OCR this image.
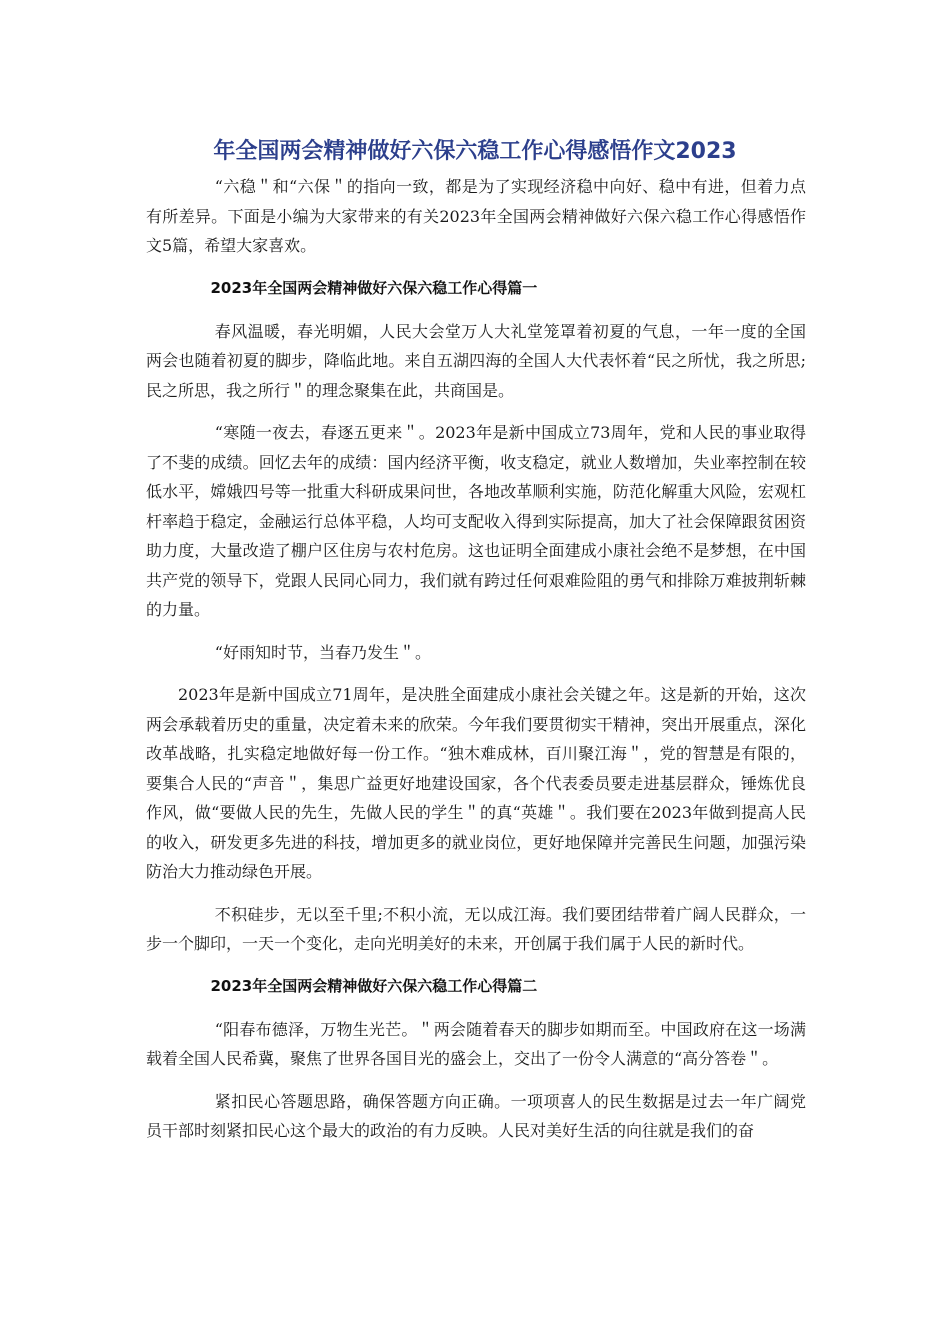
年全国两会精神做好六保六稳工作心得感悟作文2023

“六稳＂和“六保＂的指向一致，都是为了实现经济稳中向好、稳中有进，但着力点有所差异。下面是小编为大家带来的有关2023年全国两会精神做好六保六稳工作心得感悟作文5篇，希望大家喜欢。

2023年全国两会精神做好六保六稳工作心得篇一

春风温暖，春光明媚，人民大会堂万人大礼堂笼罩着初夏的气息，一年一度的全国两会也随着初夏的脚步，降临此地。来自五湖四海的全国人大代表怀着“民之所忧，我之所思;民之所思，我之所行＂的理念聚集在此，共商国是。

“寒随一夜去，春逐五更来＂。2023年是新中国成立73周年，党和人民的事业取得了不斐的成绩。回忆去年的成绩：国内经济平衡，收支稳定，就业人数增加，失业率控制在较低水平，嫦娥四号等一批重大科研成果问世，各地改革顺利实施，防范化解重大风险，宏观杠杆率趋于稳定，金融运行总体平稳，人均可支配收入得到实际提高，加大了社会保障跟贫困资助力度，大量改造了棚户区住房与农村危房。这也证明全面建成小康社会绝不是梦想，在中国共产党的领导下，党跟人民同心同力，我们就有跨过任何艰难险阻的勇气和排除万难披荆斩棘的力量。

“好雨知时节，当春乃发生＂。

2023年是新中国成立71周年，是决胜全面建成小康社会关键之年。这是新的开始，这次两会承载着历史的重量，决定着未来的欣荣。今年我们要贯彻实干精神，突出开展重点，深化改革战略，扎实稳定地做好每一份工作。“独木难成林，百川聚江海＂，党的智慧是有限的，要集合人民的“声音＂，集思广益更好地建设国家，各个代表委员要走进基层群众，锤炼优良作风，做“要做人民的先生，先做人民的学生＂的真“英雄＂。我们要在2023年做到提高人民的收入，研发更多先进的科技，增加更多的就业岗位，更好地保障并完善民生问题，加强污染防治大力推动绿色开展。

不积硅步，无以至千里;不积小流，无以成江海。我们要团结带着广阔人民群众，一步一个脚印，一天一个变化，走向光明美好的未来，开创属于我们属于人民的新时代。

2023年全国两会精神做好六保六稳工作心得篇二

“阳春布德泽，万物生光芒。＂两会随着春天的脚步如期而至。中国政府在这一场满载着全国人民希冀，聚焦了世界各国目光的盛会上，交出了一份令人满意的“高分答卷＂。

紧扣民心答题思路，确保答题方向正确。一项项喜人的民生数据是过去一年广阔党员干部时刻紧扣民心这个最大的政治的有力反映。人民对美好生活的向往就是我们的奋
